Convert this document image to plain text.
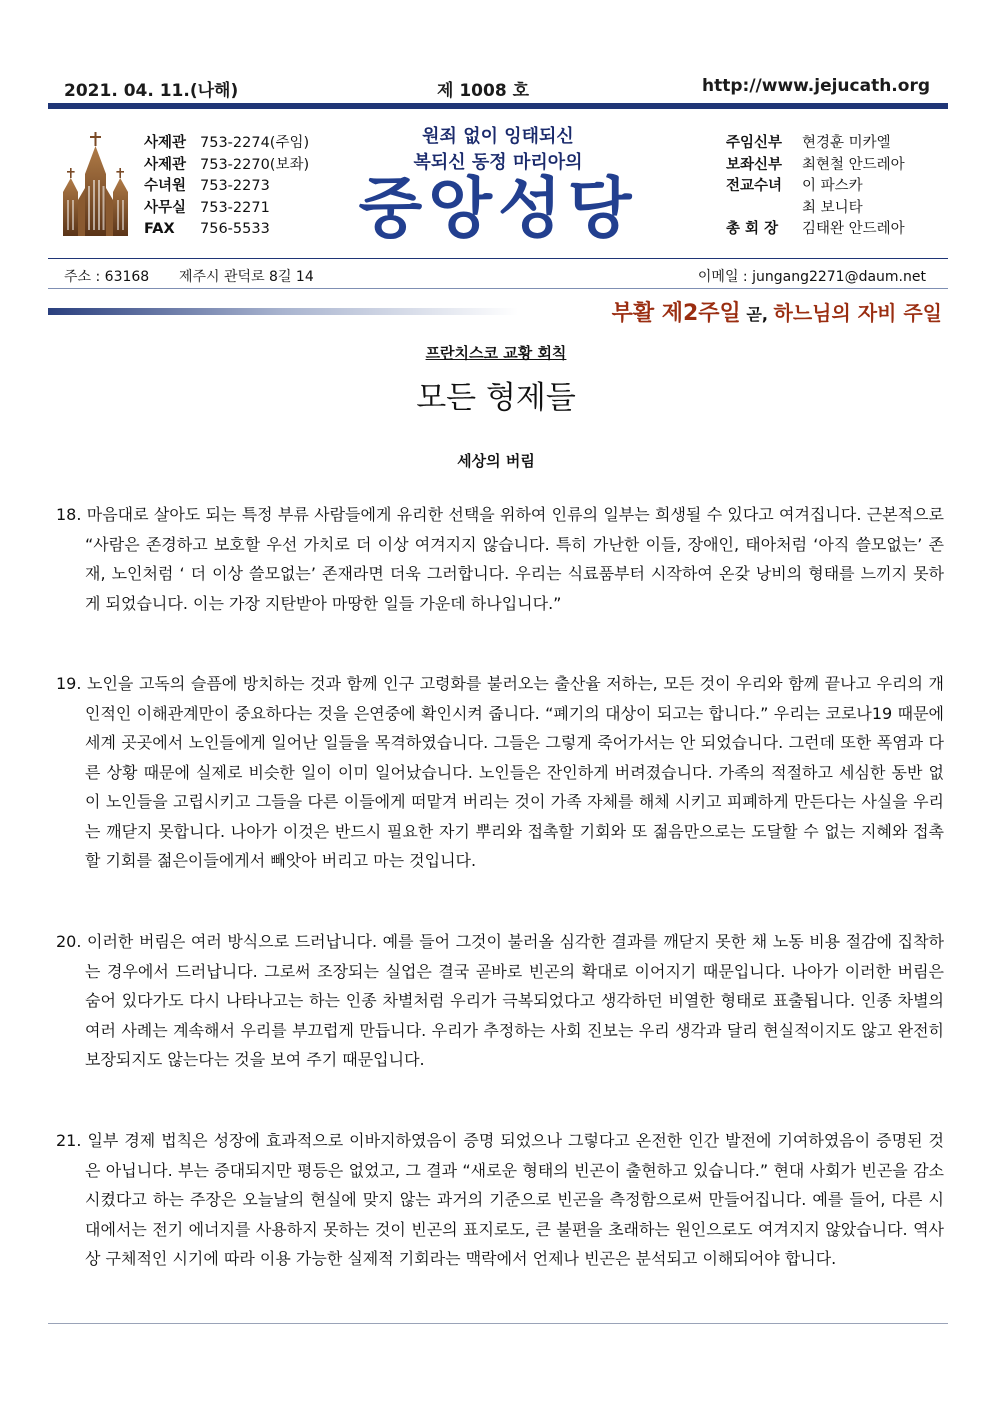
2021. 04. 11.(나해)	제 1008 호	http://www.jejucath.org
사제관 753-2274(주임)
사제관 753-2270(보좌)
수녀원 753-2273
사무실 753-2271
FAX 756-5533
원죄 없이 잉태되신
복되신 동정 마리아의
중앙성당
주임신부 현경훈 미카엘
보좌신부 최현철 안드레아
전교수녀 이 파스카
최 보니타
총 회 장 김태완 안드레아
주소 : 63168 제주시 관덕로 8길 14	이메일 : jungang2271@daum.net
부활 제2주일 곧, 하느님의 자비 주일
프란치스코 교황 회칙
모든 형제들
세상의 버림

18. 마음대로 살아도 되는 특정 부류 사람들에게 유리한 선택을 위하여 인류의 일부는 희생될 수 있다고 여겨집니다. 근본적으로 “사람은 존경하고 보호할 우선 가치로 더 이상 여겨지지 않습니다. 특히 가난한 이들, 장애인, 태아처럼 ‘아직 쓸모없는’ 존재, 노인처럼 ‘ 더 이상 쓸모없는’ 존재라면 더욱 그러합니다. 우리는 식료품부터 시작하여 온갖 낭비의 형태를 느끼지 못하게 되었습니다. 이는 가장 지탄받아 마땅한 일들 가운데 하나입니다.”

19. 노인을 고독의 슬픔에 방치하는 것과 함께 인구 고령화를 불러오는 출산율 저하는, 모든 것이 우리와 함께 끝나고 우리의 개인적인 이해관계만이 중요하다는 것을 은연중에 확인시켜 줍니다. “폐기의 대상이 되고는 합니다.” 우리는 코로나19 때문에 세계 곳곳에서 노인들에게 일어난 일들을 목격하였습니다. 그들은 그렇게 죽어가서는 안 되었습니다. 그런데 또한 폭염과 다른 상황 때문에 실제로 비슷한 일이 이미 일어났습니다. 노인들은 잔인하게 버려졌습니다. 가족의 적절하고 세심한 동반 없이 노인들을 고립시키고 그들을 다른 이들에게 떠맡겨 버리는 것이 가족 자체를 해체 시키고 피폐하게 만든다는 사실을 우리는 깨닫지 못합니다. 나아가 이것은 반드시 필요한 자기 뿌리와 접촉할 기회와 또 젊음만으로는 도달할 수 없는 지혜와 접촉할 기회를 젊은이들에게서 빼앗아 버리고 마는 것입니다.

20. 이러한 버림은 여러 방식으로 드러납니다. 예를 들어 그것이 불러올 심각한 결과를 깨닫지 못한 채 노동 비용 절감에 집착하는 경우에서 드러납니다. 그로써 조장되는 실업은 결국 곧바로 빈곤의 확대로 이어지기 때문입니다. 나아가 이러한 버림은 숨어 있다가도 다시 나타나고는 하는 인종 차별처럼 우리가 극복되었다고 생각하던 비열한 형태로 표출됩니다. 인종 차별의 여러 사례는 계속해서 우리를 부끄럽게 만듭니다. 우리가 추정하는 사회 진보는 우리 생각과 달리 현실적이지도 않고 완전히 보장되지도 않는다는 것을 보여 주기 때문입니다.

21. 일부 경제 법칙은 성장에 효과적으로 이바지하였음이 증명 되었으나 그렇다고 온전한 인간 발전에 기여하였음이 증명된 것은 아닙니다. 부는 증대되지만 평등은 없었고, 그 결과 “새로운 형태의 빈곤이 출현하고 있습니다.” 현대 사회가 빈곤을 감소시켰다고 하는 주장은 오늘날의 현실에 맞지 않는 과거의 기준으로 빈곤을 측정함으로써 만들어집니다. 예를 들어, 다른 시대에서는 전기 에너지를 사용하지 못하는 것이 빈곤의 표지로도, 큰 불편을 초래하는 원인으로도 여겨지지 않았습니다. 역사상 구체적인 시기에 따라 이용 가능한 실제적 기회라는 맥락에서 언제나 빈곤은 분석되고 이해되어야 합니다.
